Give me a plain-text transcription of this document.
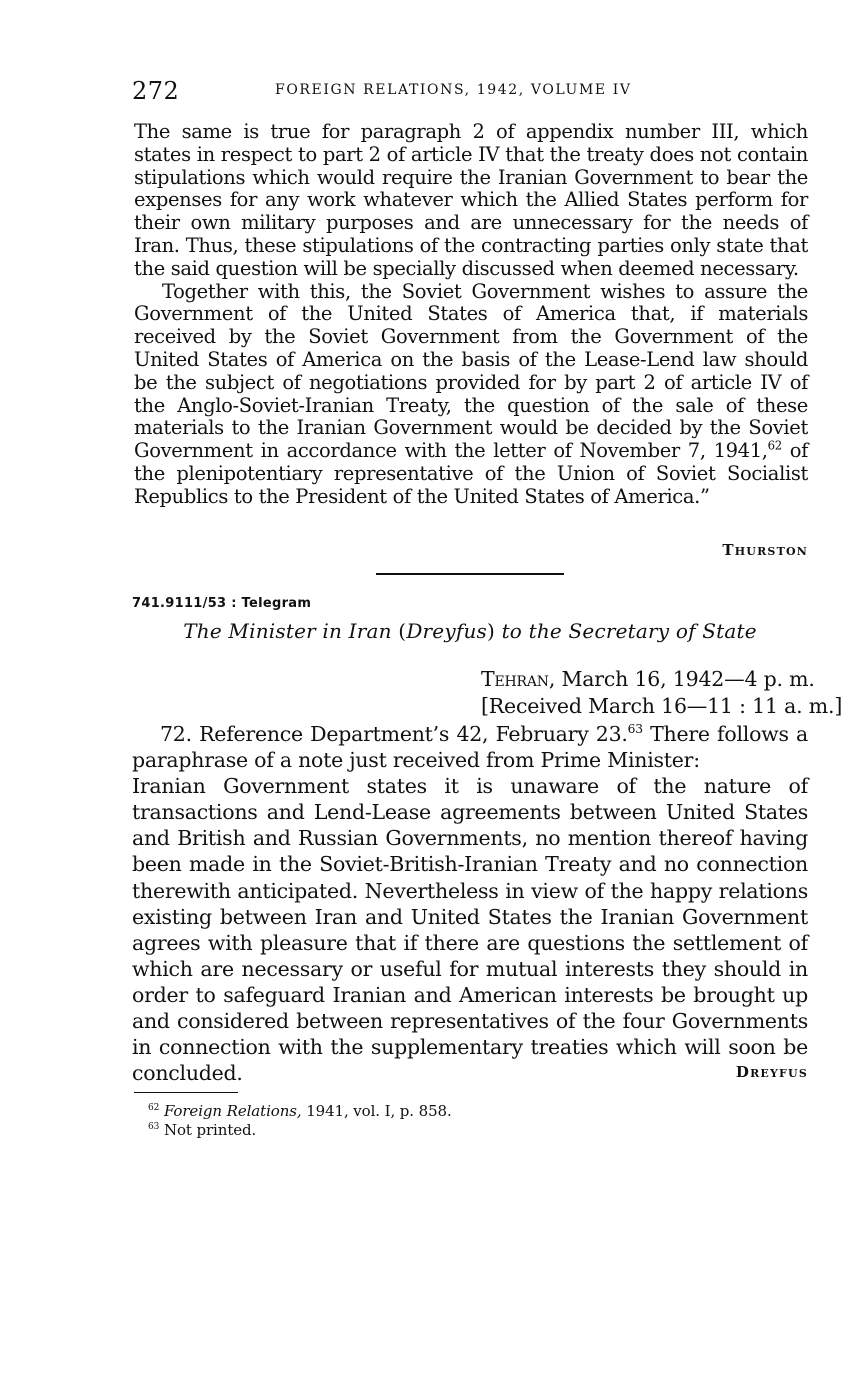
272	FOREIGN RELATIONS, 1942, VOLUME IV

The same is true for paragraph 2 of appendix number III, which states in respect to part 2 of article IV that the treaty does not contain stipulations which would require the Iranian Government to bear the expenses for any work whatever which the Allied States perform for their own military purposes and are unnecessary for the needs of Iran. Thus, these stipulations of the contracting parties only state that the said question will be specially discussed when deemed necessary.

Together with this, the Soviet Government wishes to assure the Government of the United States of America that, if materials received by the Soviet Government from the Government of the United States of America on the basis of the Lease-Lend law should be the subject of negotiations provided for by part 2 of article IV of the Anglo-Soviet-Iranian Treaty, the question of the sale of these materials to the Iranian Government would be decided by the Soviet Government in accordance with the letter of November 7, 1941,62 of the plenipotentiary representative of the Union of Soviet Socialist Republics to the President of the United States of America.”

Thurston
741.9111/53 : Telegram
The Minister in Iran (Dreyfus) to the Secretary of State
Tehran, March 16, 1942—4 p. m.
[Received March 16—11 : 11 a. m.]

72. Reference Department’s 42, February 23.63 There follows a paraphrase of a note just received from Prime Minister:

Iranian Government states it is unaware of the nature of transactions and Lend-Lease agreements between United States and British and Russian Governments, no mention thereof having been made in the Soviet-British-Iranian Treaty and no connection therewith anticipated. Nevertheless in view of the happy relations existing between Iran and United States the Iranian Government agrees with pleasure that if there are questions the settlement of which are necessary or useful for mutual interests they should in order to safeguard Iranian and American interests be brought up and considered between representatives of the four Governments in connection with the supplementary treaties which will soon be concluded.	Dreyfus
$^{62}$ Foreign Relations, 1941, vol. I, p. 858.
$^{63}$ Not printed.
